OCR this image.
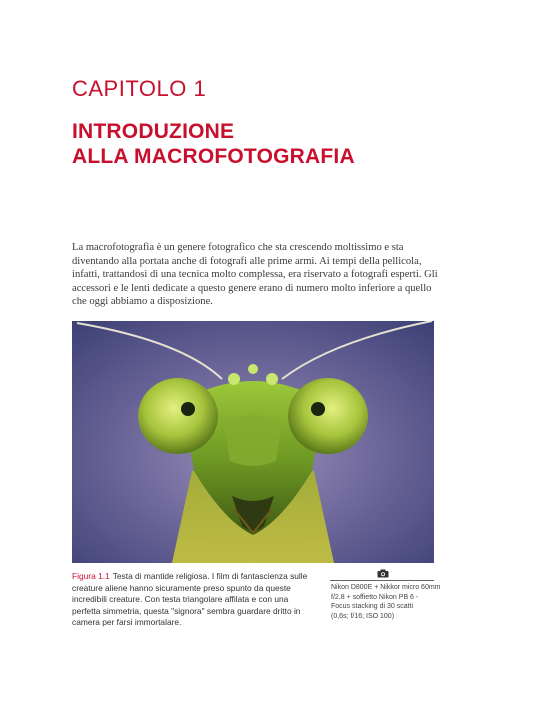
CAPITOLO 1
INTRODUZIONE
ALLA MACROFOTOGRAFIA

La macrofotografia è un genere fotografico che sta crescendo moltissimo e sta diventando alla portata anche di fotografi alle prime armi. Ai tempi della pellicola, infatti, trattandosi di una tecnica molto complessa, era riservato a fotografi esperti. Gli accessori e le lenti dedicate a questo genere erano di numero molto inferiore a quello che oggi abbiamo a disposizione.

Figura 1.1 Testa di mantide religiosa. I film di fantascienza sulle creature aliene hanno sicuramente preso spunto da queste incredibili creature. Con testa triangolare affilata e con una perfetta simmetria, questa "signora" sembra guardare dritto in camera per farsi immortalare.

Nikon D800E + Nikkor micro 60mm
f/2.8 + soffietto Nikon PB 6 -
Focus stacking di 30 scatti
(0,6s; f/16; ISO 100)
